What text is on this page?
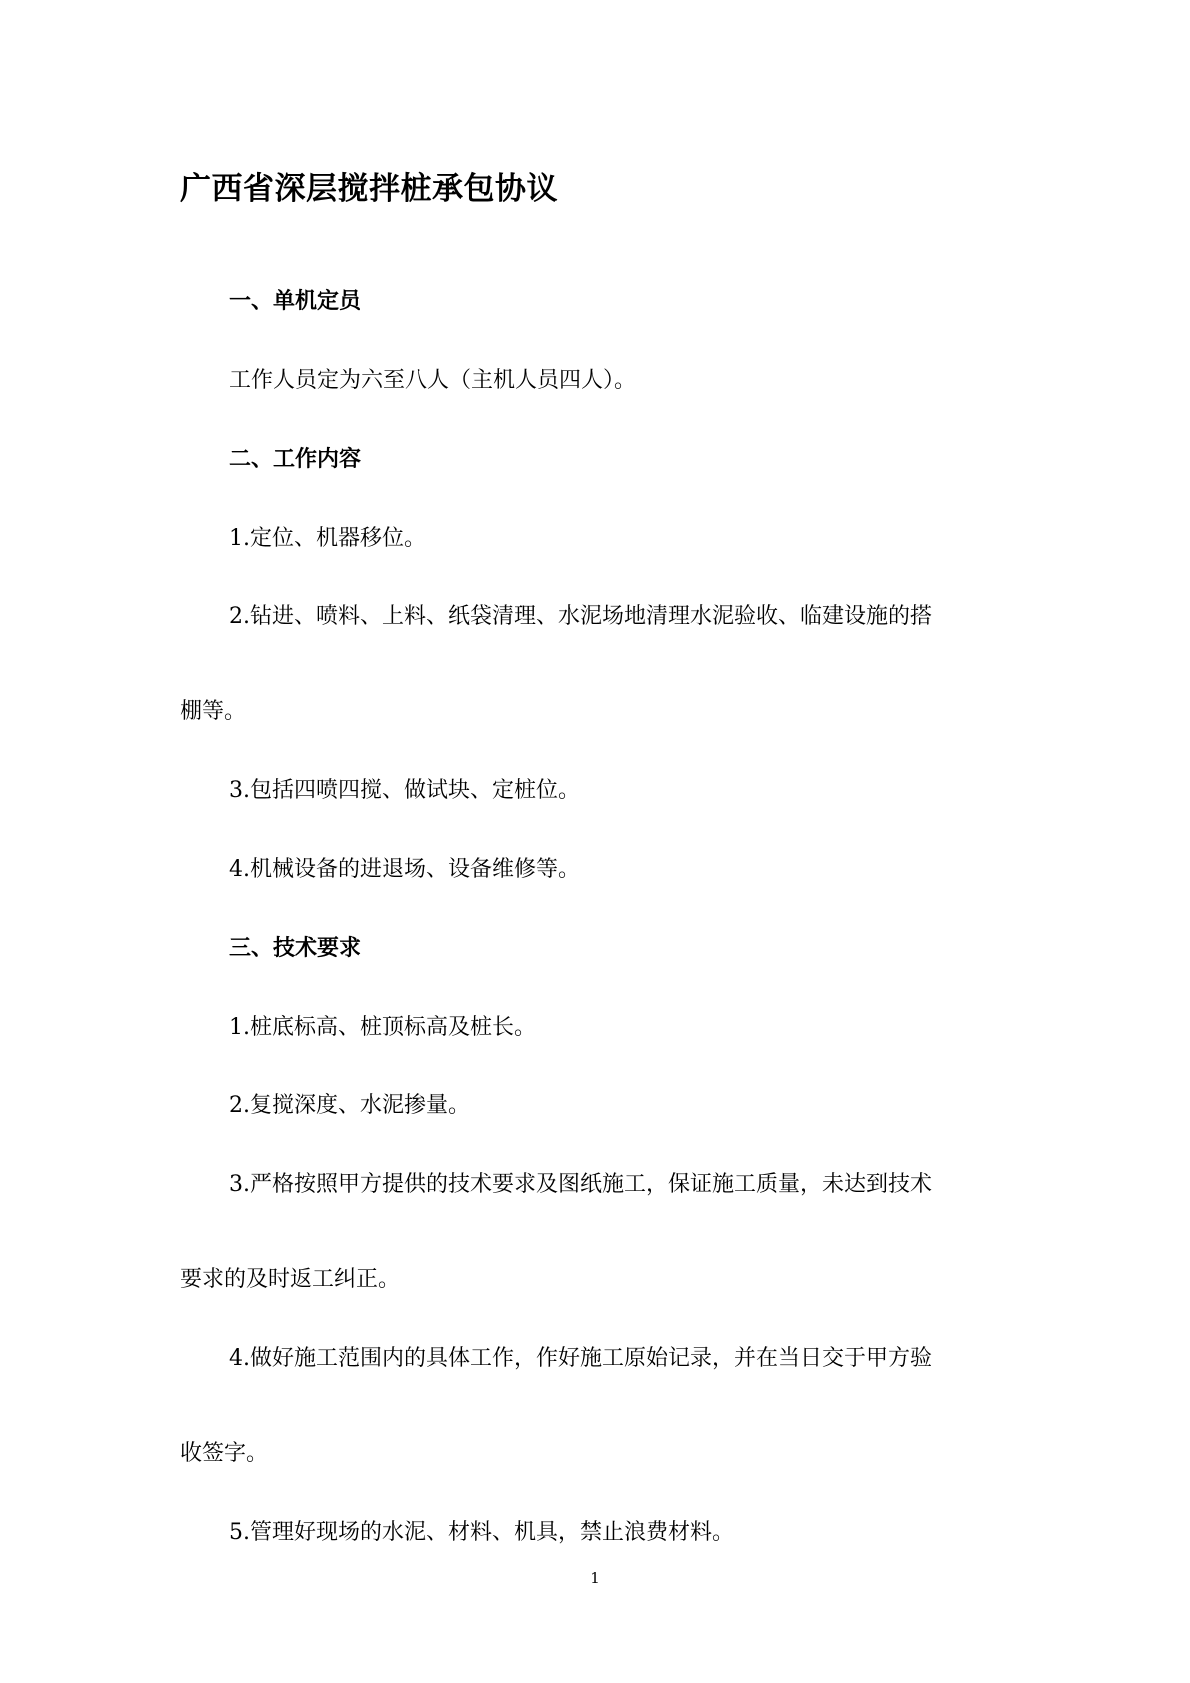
广西省深层搅拌桩承包协议

一、单机定员

工作人员定为六至八人（主机人员四人）。

二、工作内容

1.定位、机器移位。

2.钻进、喷料、上料、纸袋清理、水泥场地清理水泥验收、临建设施的搭

棚等。

3.包括四喷四搅、做试块、定桩位。

4.机械设备的进退场、设备维修等。

三、技术要求

1.桩底标高、桩顶标高及桩长。

2.复搅深度、水泥掺量。

3.严格按照甲方提供的技术要求及图纸施工，保证施工质量，未达到技术

要求的及时返工纠正。

4.做好施工范围内的具体工作，作好施工原始记录，并在当日交于甲方验

收签字。

5.管理好现场的水泥、材料、机具，禁止浪费材料。

1
